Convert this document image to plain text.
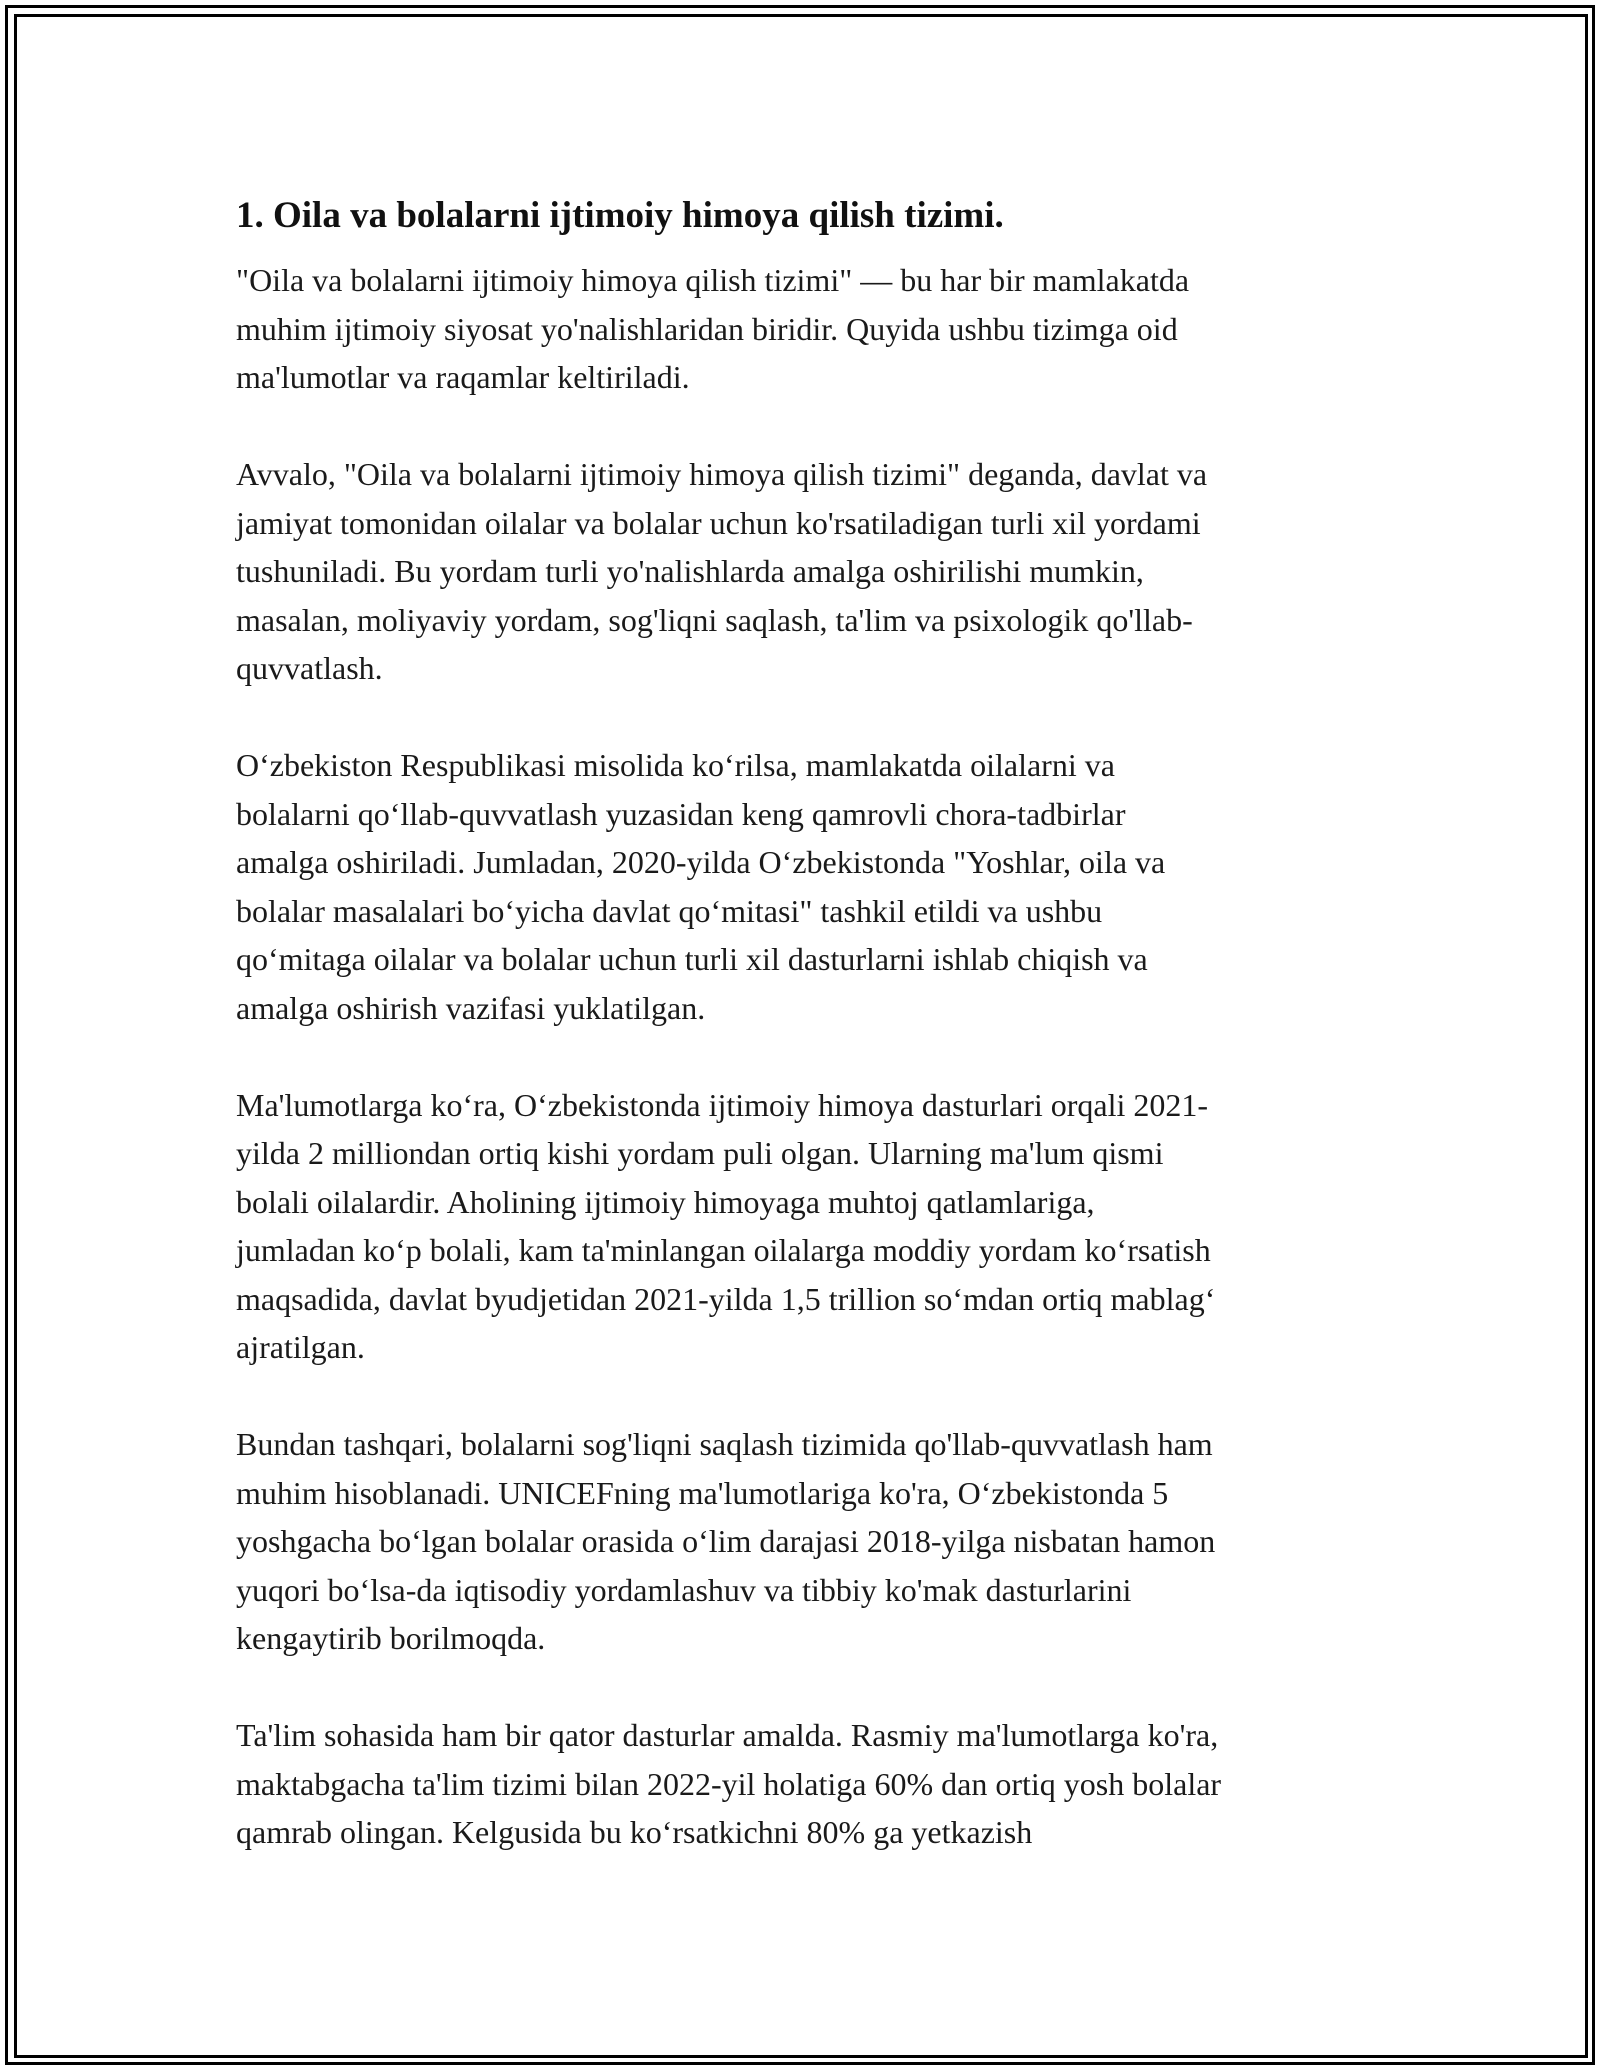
1. Oila va bolalarni ijtimoiy himoya qilish tizimi.

"Oila va bolalarni ijtimoiy himoya qilish tizimi" — bu har bir mamlakatda
muhim ijtimoiy siyosat yo'nalishlaridan biridir. Quyida ushbu tizimga oid
ma'lumotlar va raqamlar keltiriladi.

Avvalo, "Oila va bolalarni ijtimoiy himoya qilish tizimi" deganda, davlat va
jamiyat tomonidan oilalar va bolalar uchun ko'rsatiladigan turli xil yordami
tushuniladi. Bu yordam turli yo'nalishlarda amalga oshirilishi mumkin,
masalan, moliyaviy yordam, sog'liqni saqlash, ta'lim va psixologik qo'llab-
quvvatlash.

O‘zbekiston Respublikasi misolida ko‘rilsa, mamlakatda oilalarni va
bolalarni qo‘llab-quvvatlash yuzasidan keng qamrovli chora-tadbirlar
amalga oshiriladi. Jumladan, 2020-yilda O‘zbekistonda "Yoshlar, oila va
bolalar masalalari bo‘yicha davlat qo‘mitasi" tashkil etildi va ushbu
qo‘mitaga oilalar va bolalar uchun turli xil dasturlarni ishlab chiqish va
amalga oshirish vazifasi yuklatilgan.

Ma'lumotlarga ko‘ra, O‘zbekistonda ijtimoiy himoya dasturlari orqali 2021-
yilda 2 milliondan ortiq kishi yordam puli olgan. Ularning ma'lum qismi
bolali oilalardir. Aholining ijtimoiy himoyaga muhtoj qatlamlariga,
jumladan ko‘p bolali, kam ta'minlangan oilalarga moddiy yordam ko‘rsatish
maqsadida, davlat byudjetidan 2021-yilda 1,5 trillion so‘mdan ortiq mablag‘
ajratilgan.

Bundan tashqari, bolalarni sog'liqni saqlash tizimida qo'llab-quvvatlash ham
muhim hisoblanadi. UNICEFning ma'lumotlariga ko'ra, O‘zbekistonda 5
yoshgacha bo‘lgan bolalar orasida o‘lim darajasi 2018-yilga nisbatan hamon
yuqori bo‘lsa-da iqtisodiy yordamlashuv va tibbiy ko'mak dasturlarini
kengaytirib borilmoqda.

Ta'lim sohasida ham bir qator dasturlar amalda. Rasmiy ma'lumotlarga ko'ra,
maktabgacha ta'lim tizimi bilan 2022-yil holatiga 60% dan ortiq yosh bolalar
qamrab olingan. Kelgusida bu ko‘rsatkichni 80% ga yetkazish
